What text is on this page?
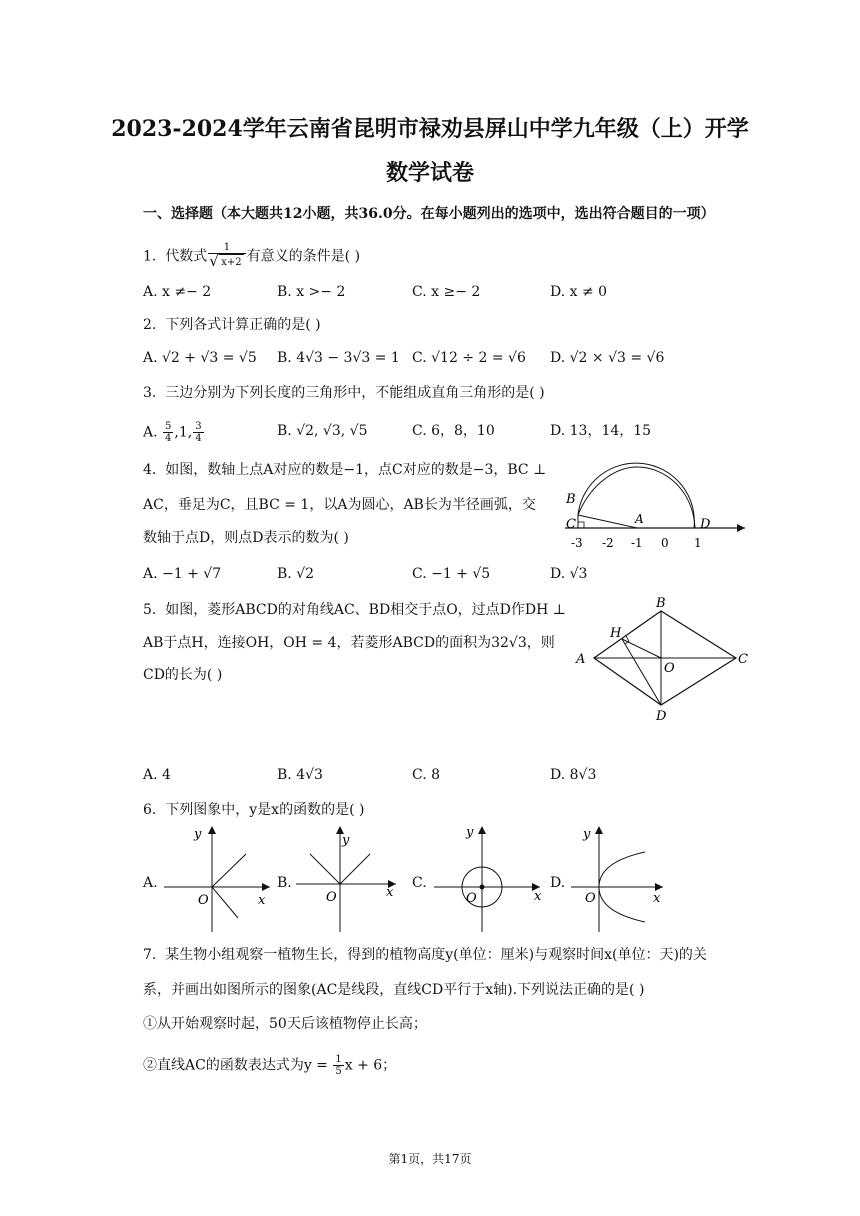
2023-2024学年云南省昆明市禄劝县屏山中学九年级（上）开学
数学试卷
一、选择题（本大题共12小题，共36.0分。在每小题列出的选项中，选出符合题目的一项）
1. 代数式 1
√ x+2 有意义的条件是( )
A. x ≠− 2	B. x >− 2	C. x ≥− 2	D. x ≠ 0
2. 下列各式计算正确的是( )
A. √2 + √3 = √5 B. 4√3 − 3√3 = 1 C. √12 ÷ 2 = √6 D. √2 × √3 = √6
3. 三边分别为下列长度的三角形中，不能组成直角三角形的是( )
A. $\frac{5}{4} ,1$, $\frac{3}{4}$	B. √2, √3, √5	C. 6，8，10	D. 13，14，15
4. 如图，数轴上点A对应的数是−1，点C对应的数是−3，BC ⊥
AC，垂足为C，且BC = 1，以A为圆心，AB长为半径画弧，交
数轴于点D，则点D表示的数为( )
A. −1 + √7	B. √2	C. −1 + √5	D. √3
B
C	A	D
-3 -2 -1 0 1
5. 如图，菱形ABCD的对角线AC、BD相交于点O，过点D作DH ⊥
AB于点H，连接OH，OH = 4，若菱形ABCD的面积为32√3，则
CD的长为( )
A
B
C
D
H
O
A. 4	B. 4√3	C. 8	D. 8√3
6. 下列图象中，y是x的函数的是( )
A.
y
x
O
B.
y
x
O
C.
y
x
O
D.
y
x
O
7. 某生物小组观察一植物生长，得到的植物高度y(单位：厘米)与观察时间x(单位：天)的关
系，并画出如图所示的图象(AC是线段，直线CD平行于x轴).下列说法正确的是( )
①从开始观察时起，50天后该植物停止长高；
②直线AC的函数表达式为$y = \frac{1}{5}$ x + 6；
第1页，共17页
